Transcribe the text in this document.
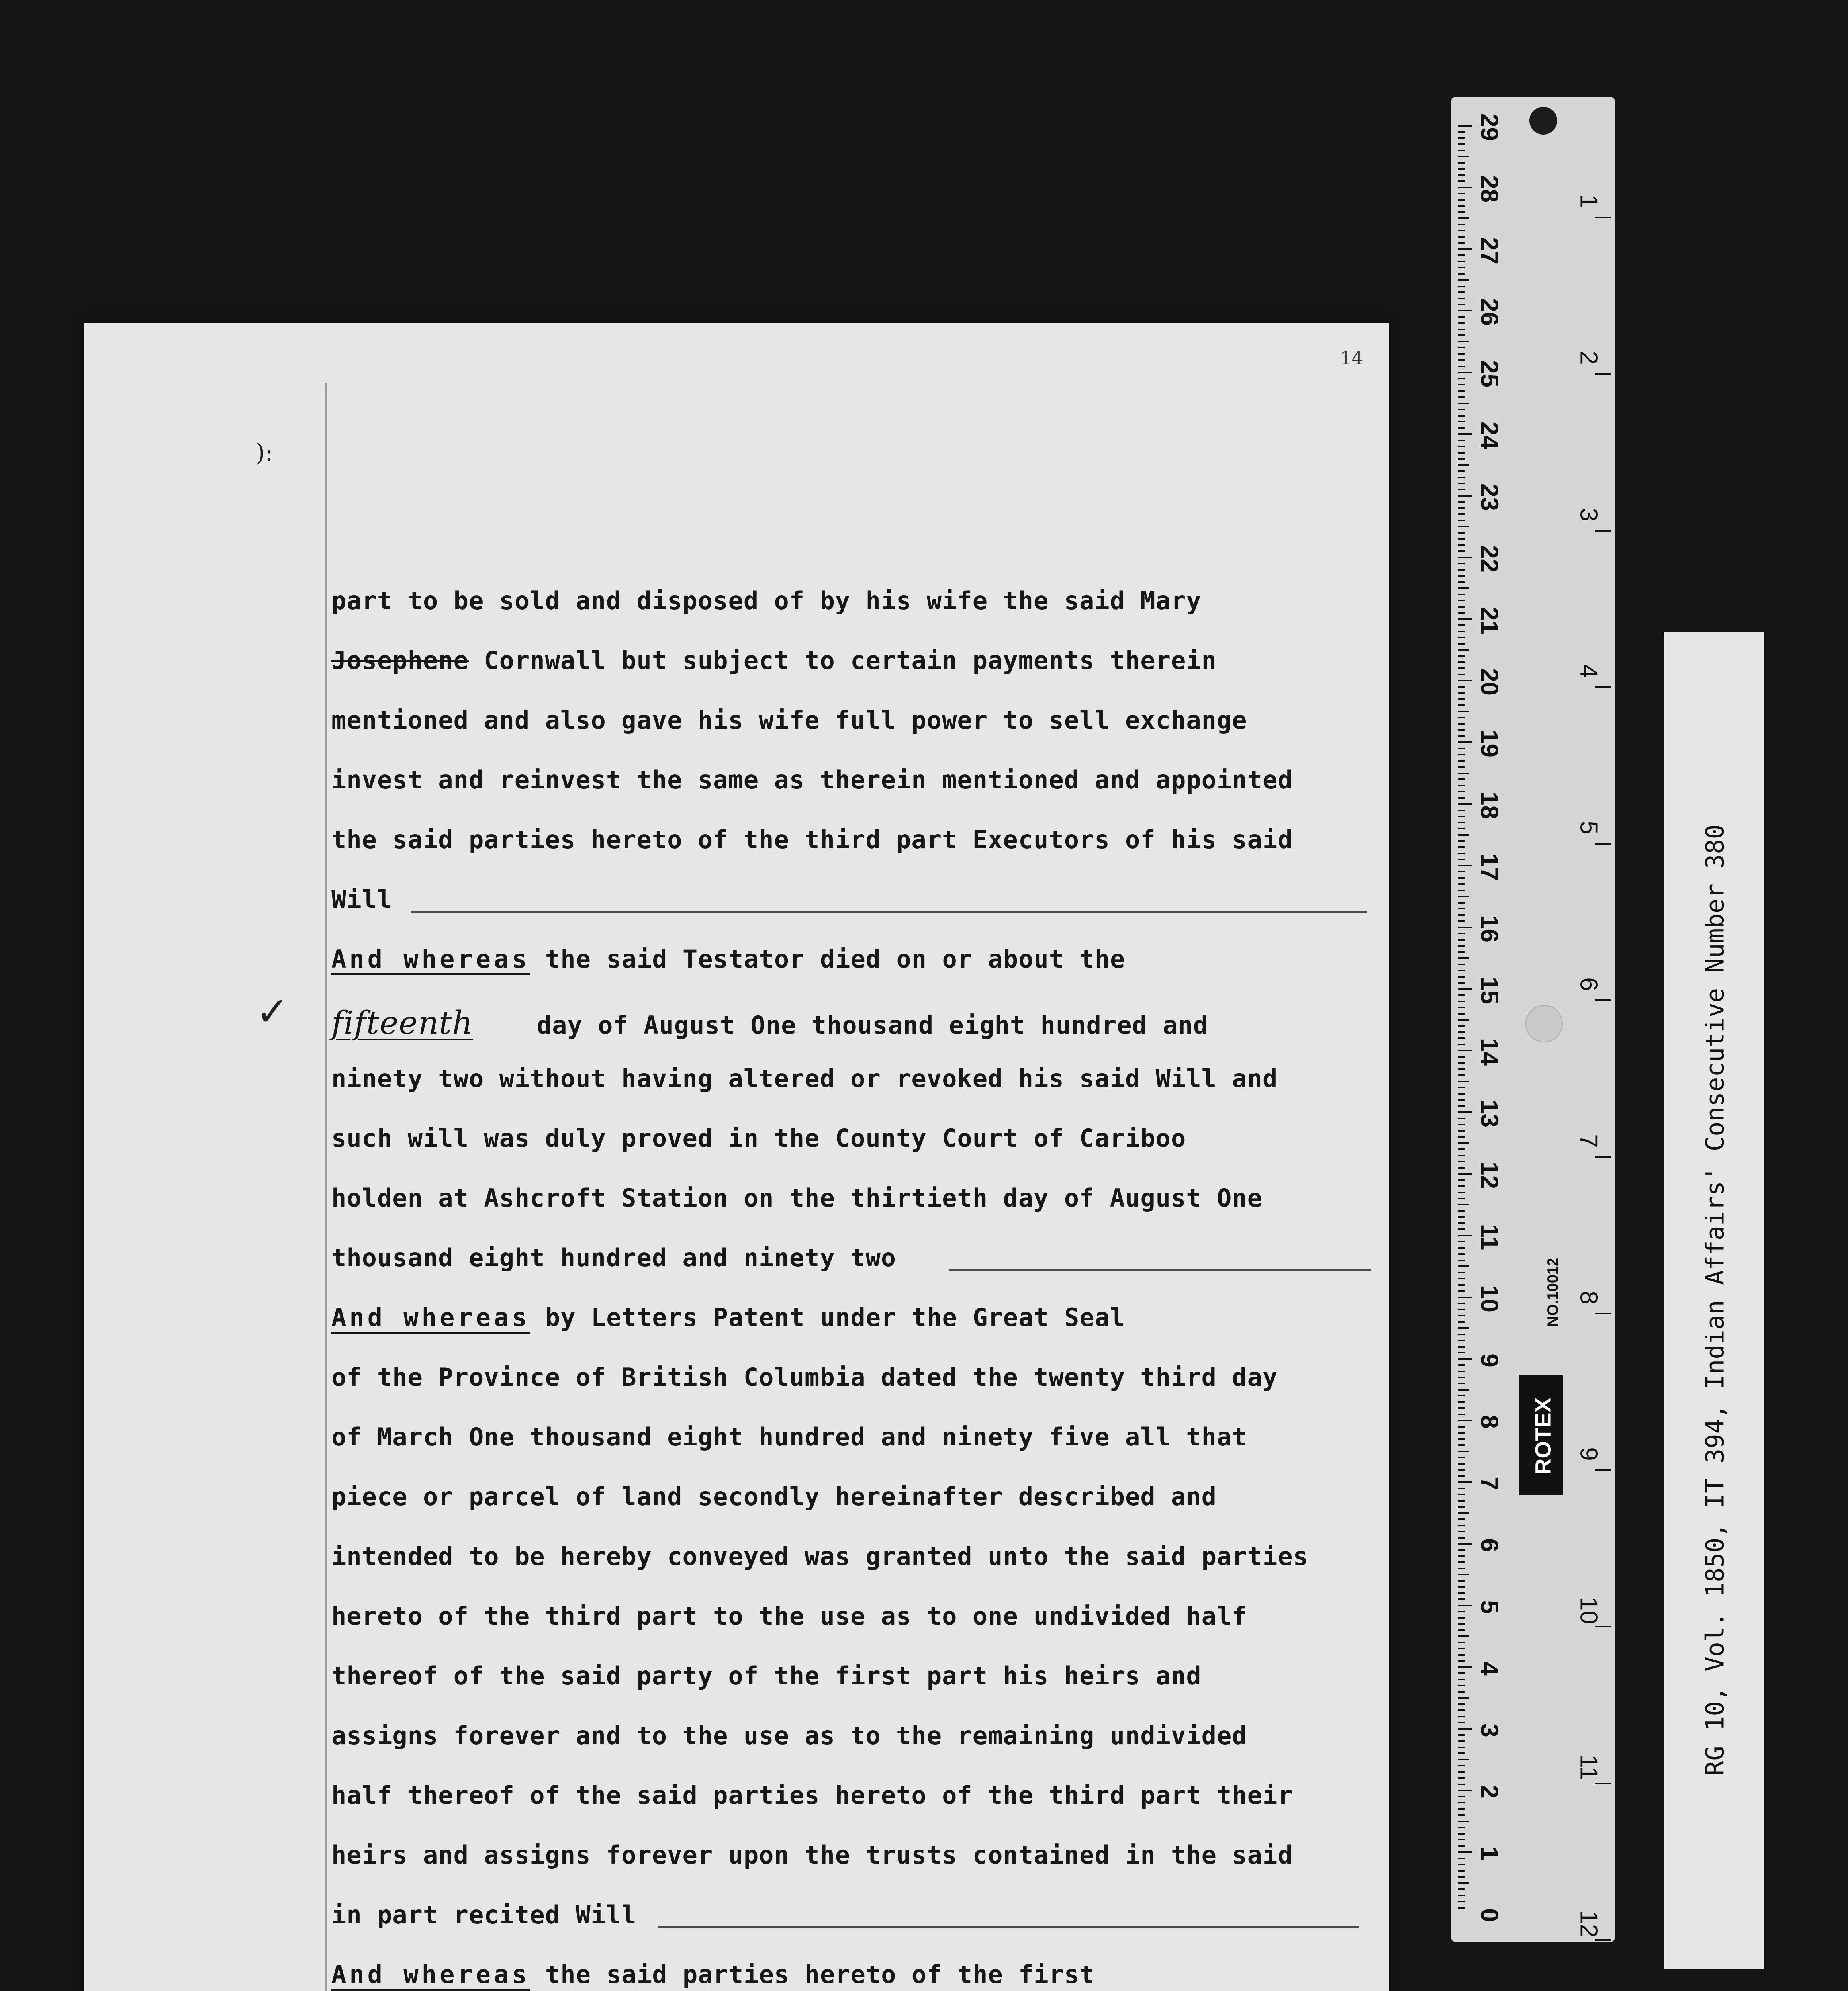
14
):
part to be sold and disposed of by his wife the said Mary
Josephene Cornwall but subject to certain payments therein
mentioned and also gave his wife full power to sell exchange
invest and reinvest the same as therein mentioned and appointed
the said parties hereto of the third part Executors of his said
Will
And whereas the said Testator died on or about the
✓ fifteenth	day of August One thousand eight hundred and
ninety two without having altered or revoked his said Will and
such will was duly proved in the County Court of Cariboo
holden at Ashcroft Station on the thirtieth day of August One
thousand eight hundred and ninety two
And whereas by Letters Patent under the Great Seal
of the Province of British Columbia dated the twenty third day
of March One thousand eight hundred and ninety five all that
piece or parcel of land secondly hereinafter described and
intended to be hereby conveyed was granted unto the said parties
hereto of the third part to the use as to one undivided half
thereof of the said party of the first part his heirs and
assigns forever and to the use as to the remaining undivided
half thereof of the said parties hereto of the third part their
heirs and assigns forever upon the trusts contained in the said
in part recited Will
And whereas the said parties hereto of the first
NO.10012
ROTEX
29
28
27
26
25
24
23
22
21
20
19
18
17
16
15
14
13
12
11
10
9
8
7
6
5
4
3
2
1
0
1
2
3
4
5
6
7
8
9
10
11
12
RG 10, Vol. 1850, IT 394, Indian Affairs' Consecutive Number 380
